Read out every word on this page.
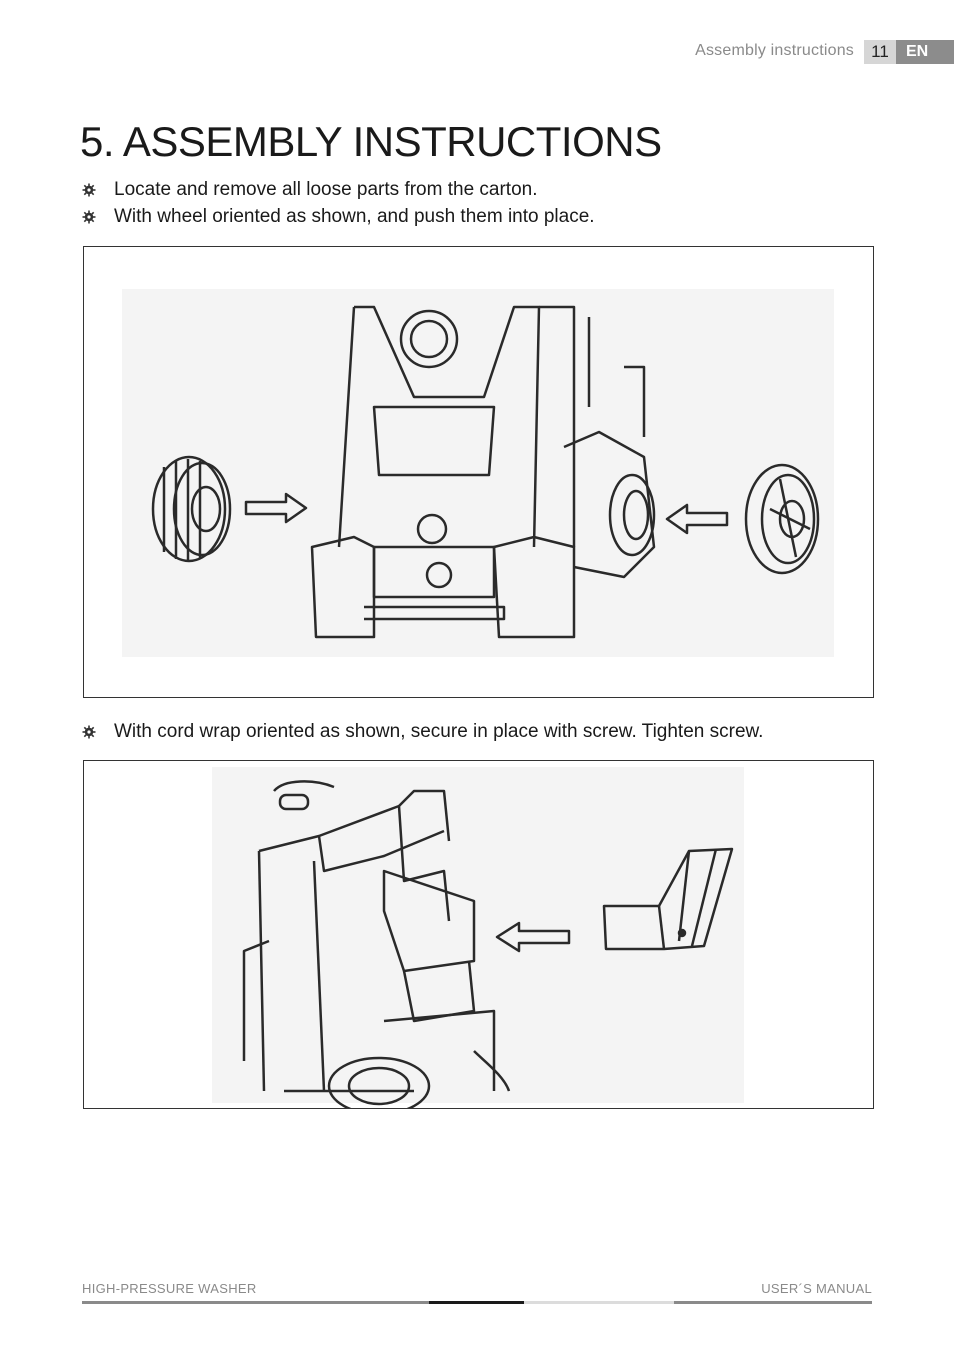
Assembly instructions	11	EN
5. ASSEMBLY INSTRUCTIONS
Locate and remove all loose parts from the carton.
With wheel oriented as shown, and push them into place.
With cord wrap oriented as shown, secure in place with screw. Tighten screw.
HIGH-PRESSURE WASHER	USER´S MANUAL
